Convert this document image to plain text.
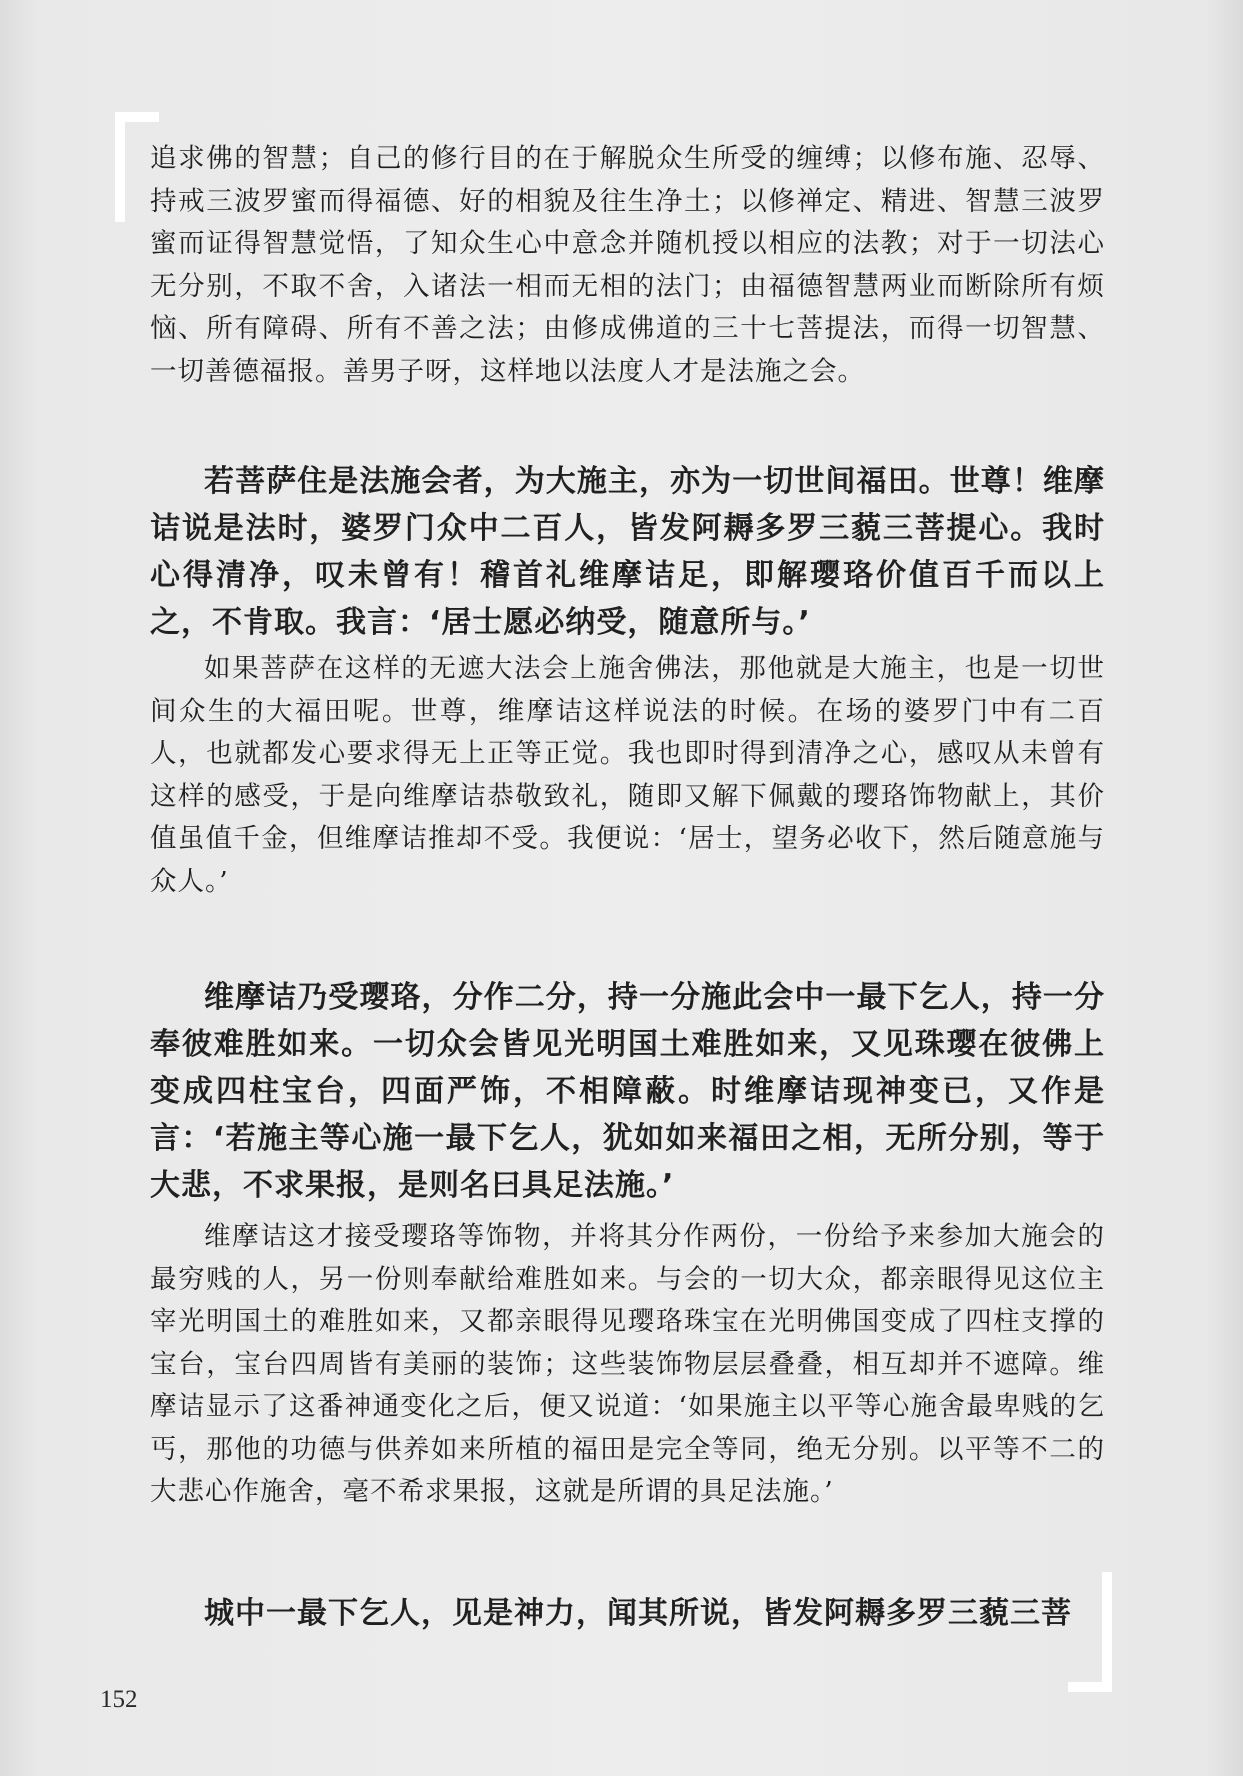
追求佛的智慧；自己的修行目的在于解脱众生所受的缠缚；以修布施、忍辱、持戒三波罗蜜而得福德、好的相貌及往生净土；以修禅定、精进、智慧三波罗蜜而证得智慧觉悟，了知众生心中意念并随机授以相应的法教；对于一切法心无分别，不取不舍，入诸法一相而无相的法门；由福德智慧两业而断除所有烦恼、所有障碍、所有不善之法；由修成佛道的三十七菩提法，而得一切智慧、一切善德福报。善男子呀，这样地以法度人才是法施之会。

若菩萨住是法施会者，为大施主，亦为一切世间福田。世尊！维摩诘说是法时，婆罗门众中二百人，皆发阿耨多罗三藐三菩提心。我时心得清净，叹未曾有！稽首礼维摩诘足，即解璎珞价值百千而以上之，不肯取。我言：‘居士愿必纳受，随意所与。’

如果菩萨在这样的无遮大法会上施舍佛法，那他就是大施主，也是一切世间众生的大福田呢。世尊，维摩诘这样说法的时候。在场的婆罗门中有二百人，也就都发心要求得无上正等正觉。我也即时得到清净之心，感叹从未曾有这样的感受，于是向维摩诘恭敬致礼，随即又解下佩戴的璎珞饰物献上，其价值虽值千金，但维摩诘推却不受。我便说：‘居士，望务必收下，然后随意施与众人。’

维摩诘乃受璎珞，分作二分，持一分施此会中一最下乞人，持一分奉彼难胜如来。一切众会皆见光明国土难胜如来，又见珠璎在彼佛上变成四柱宝台，四面严饰，不相障蔽。时维摩诘现神变已，又作是言：‘若施主等心施一最下乞人，犹如如来福田之相，无所分别，等于大悲，不求果报，是则名曰具足法施。’

维摩诘这才接受璎珞等饰物，并将其分作两份，一份给予来参加大施会的最穷贱的人，另一份则奉献给难胜如来。与会的一切大众，都亲眼得见这位主宰光明国土的难胜如来，又都亲眼得见璎珞珠宝在光明佛国变成了四柱支撑的宝台，宝台四周皆有美丽的装饰；这些装饰物层层叠叠，相互却并不遮障。维摩诘显示了这番神通变化之后，便又说道：‘如果施主以平等心施舍最卑贱的乞丐，那他的功德与供养如来所植的福田是完全等同，绝无分别。以平等不二的大悲心作施舍，毫不希求果报，这就是所谓的具足法施。’

城中一最下乞人，见是神力，闻其所说，皆发阿耨多罗三藐三菩

152
